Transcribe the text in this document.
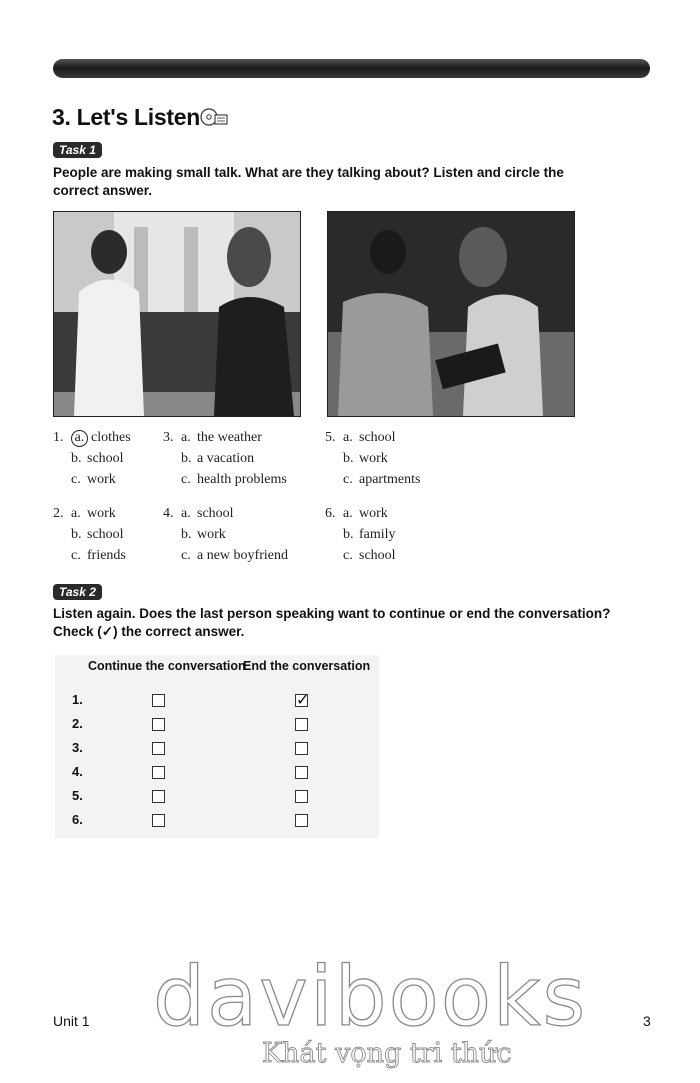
3. Let's Listen
Task 1
People are making small talk. What are they talking about? Listen and circle the
correct answer.
1. a. clothes
b. school
c. work
3. a. the weather
b. a vacation
c. health problems
5. a. school
b. work
c. apartments
2. a. work
b. school
c. friends
4. a. school
b. work
c. a new boyfriend
6. a. work
b. family
c. school
Task 2
Listen again. Does the last person speaking want to continue or end the conversation?
Check (✓) the correct answer.
Continue the conversation
End the conversation
1.	✓
2.
3.
4.
5.
6.
Unit 1	3
davibooks
Khát vọng tri thức
